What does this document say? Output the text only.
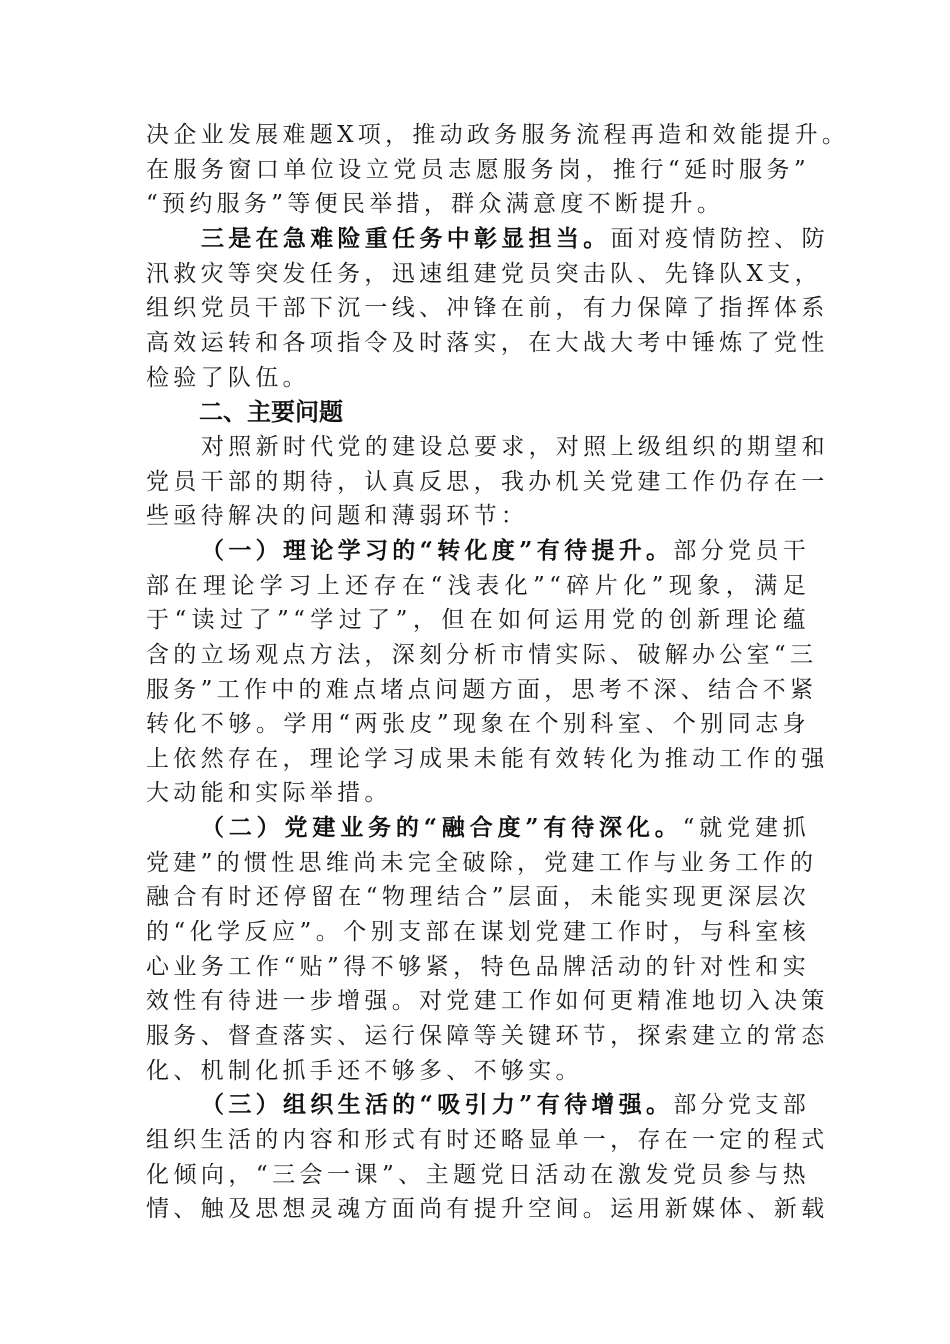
决企业发展难题X项，推动政务服务流程再造和效能提升。
在服务窗口单位设立党员志愿服务岗，推行“延时服务”
“预约服务”等便民举措，群众满意度不断提升。
三是在急难险重任务中彰显担当。面对疫情防控、防
汛救灾等突发任务，迅速组建党员突击队、先锋队X支，
组织党员干部下沉一线、冲锋在前，有力保障了指挥体系
高效运转和各项指令及时落实，在大战大考中锤炼了党性
检验了队伍。
二、主要问题
对照新时代党的建设总要求，对照上级组织的期望和
党员干部的期待，认真反思，我办机关党建工作仍存在一
些亟待解决的问题和薄弱环节：
（一）理论学习的“转化度”有待提升。部分党员干
部在理论学习上还存在“浅表化”“碎片化”现象，满足
于“读过了”“学过了”，但在如何运用党的创新理论蕴
含的立场观点方法，深刻分析市情实际、破解办公室“三
服务”工作中的难点堵点问题方面，思考不深、结合不紧
转化不够。学用“两张皮”现象在个别科室、个别同志身
上依然存在，理论学习成果未能有效转化为推动工作的强
大动能和实际举措。
（二）党建业务的“融合度”有待深化。“就党建抓
党建”的惯性思维尚未完全破除，党建工作与业务工作的
融合有时还停留在“物理结合”层面，未能实现更深层次
的“化学反应”。个别支部在谋划党建工作时，与科室核
心业务工作“贴”得不够紧，特色品牌活动的针对性和实
效性有待进一步增强。对党建工作如何更精准地切入决策
服务、督查落实、运行保障等关键环节，探索建立的常态
化、机制化抓手还不够多、不够实。
（三）组织生活的“吸引力”有待增强。部分党支部
组织生活的内容和形式有时还略显单一，存在一定的程式
化倾向，“三会一课”、主题党日活动在激发党员参与热
情、触及思想灵魂方面尚有提升空间。运用新媒体、新载
